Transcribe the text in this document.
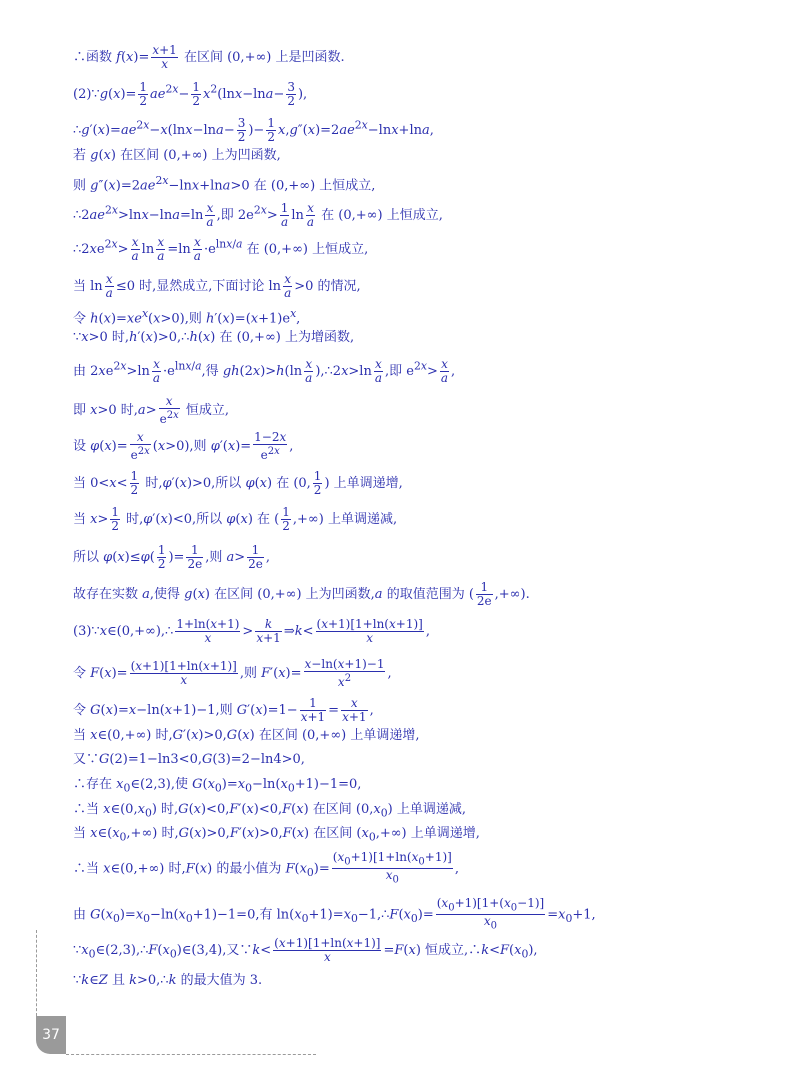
∴函数 $f(x)= \frac{x+1}{x}$ 在区间 (0,+∞) 上是凹函数.
(2)∵g(x)= $\frac{1}{2} ae^{2x}- \frac{1}{2} x^2(\ln x-\ln a- \frac{3}{2}$ ),
$\therefore g'(x)=ae^{2x}-x(\ln x-\ln a- \frac{3}{2}$ )− $\frac{1}{2} x,g''(x)=2ae^{2x}-\ln x+\ln a$,
若 g(x) 在区间 (0,+∞) 上为凹函数,
则 $g''(x)=2ae^{2x}-\ln x+\ln a>0$ 在 (0,+∞) 上恒成立,
$\therefore 2ae^{2x}>\ln x-\ln a=\ln \frac{x}{a}$ ,即 $2e^{2x}> \frac{1}{a}$ $\ln \frac{x}{a}$ 在 (0,+∞) 上恒成立,
$\therefore 2xe^{2x}> \frac{x}{a}$ $\ln \frac{x}{a} =\ln \frac{x}{a} \cdot e^{lnx/a}$ 在 (0,+∞) 上恒成立,
当 $\ln \frac{x}{a} \le 0$ 时,显然成立,下面讨论 $\ln \frac{x}{a} >0$ 的情况,
令 $h(x)=xe^x(x>0)$,则 $h'(x)=(x+1)e^x$,
∵x>0 时,h′(x)>0,∴h(x) 在 (0,+∞) 上为增函数,
由 $2xe^{2x}>\ln \frac{x}{a} \cdot e^{lnx/a}$,得 $gh(2x)>h(\ln \frac{x}{a}$ ),∴2x>ln $\frac{x}{a}$ ,即 $e^{2x}> \frac{x}{a}$ ,
即 x>0 时$,a> \frac{x}{e^{2x}}$ 恒成立,
设 $\varphi(x)= \frac{x}{e^{2x}} (x>0)$,则 $\varphi'(x)= \frac{1-2x}{e^{2x}}$ ,
当 $0<x< \frac{1}{2}$ 时,φ′(x)>0,所以 φ(x) 在 (0, $\frac{1}{2}$ ) 上单调递增,
当 $x> \frac{1}{2}$ 时,φ′(x)<0,所以 φ(x) 在 ( $\frac{1}{2}$ ,+∞) 上单调递减,
所以 $\varphi(x)\le\varphi( \frac{1}{2}$ )= $\frac{1}{2e}$ ,则 $a> \frac{1}{2e}$ ,
故存在实数 a,使得 g(x) 在区间 (0,+∞) 上为凹函数,a 的取值范围为 ( $\frac{1}{2e}$ ,+∞).
(3)∵x∈(0,+∞),∴ $\frac{1+\ln(x+1)}{x} > \frac{k}{x+1}$ ⇒k< $\frac{(x+1)[1+\ln(x+1)]}{x}$ ,
令 $F(x)= \frac{(x+1)[1+\ln(x+1)]}{x}$ ,则 $F'(x)= \frac{x-\ln(x+1)-1}{x^2}$ ,
令 G(x)=x−ln(x+1)−1,则 $G'(x)=1- \frac{1}{x+1} = \frac{x}{x+1}$ ,
当 x∈(0,+∞) 时,G′(x)>0,G(x) 在区间 (0,+∞) 上单调递增,
又∵G(2)=1−ln3<0,G(3)=2−ln4>0,
∴存在 $x_0\in(2,3)$,使 $G(x_0)=x_0-\ln(x_0+1)-1=0$,
∴当 $x\in(0,x_0)$ 时,G(x)<0,F′(x)<0,F(x) 在区间 $(0,x_0)$ 上单调递减,
当 $x\in(x_0,+\infty)$ 时,G(x)>0,F′(x)>0,F(x) 在区间 $(x_0,+\infty)$ 上单调递增,
∴当 x∈(0,+∞) 时,F(x) 的最小值为 $F(x_0)= \frac{(x_0+1)[1+\ln(x_0+1)]}{x_0}$ ,
由 $G(x_0)=x_0-\ln(x_0+1)-1=0$,有 $\ln(x_0+1)=x_0-1,\therefore F(x_0)= \frac{(x_0+1)[1+(x_0-1)]}{x_0} =x_0+1$,
$\because x_0\in(2,3),\therefore F(x_0)\in(3,4)$,又∵k< $\frac{(x+1)[1+\ln(x+1)]}{x} =F(x)$ 恒成立$,\therefore k<F(x_0)$,
∵k∈Z 且 k>0,∴k 的最大值为 3.
37
